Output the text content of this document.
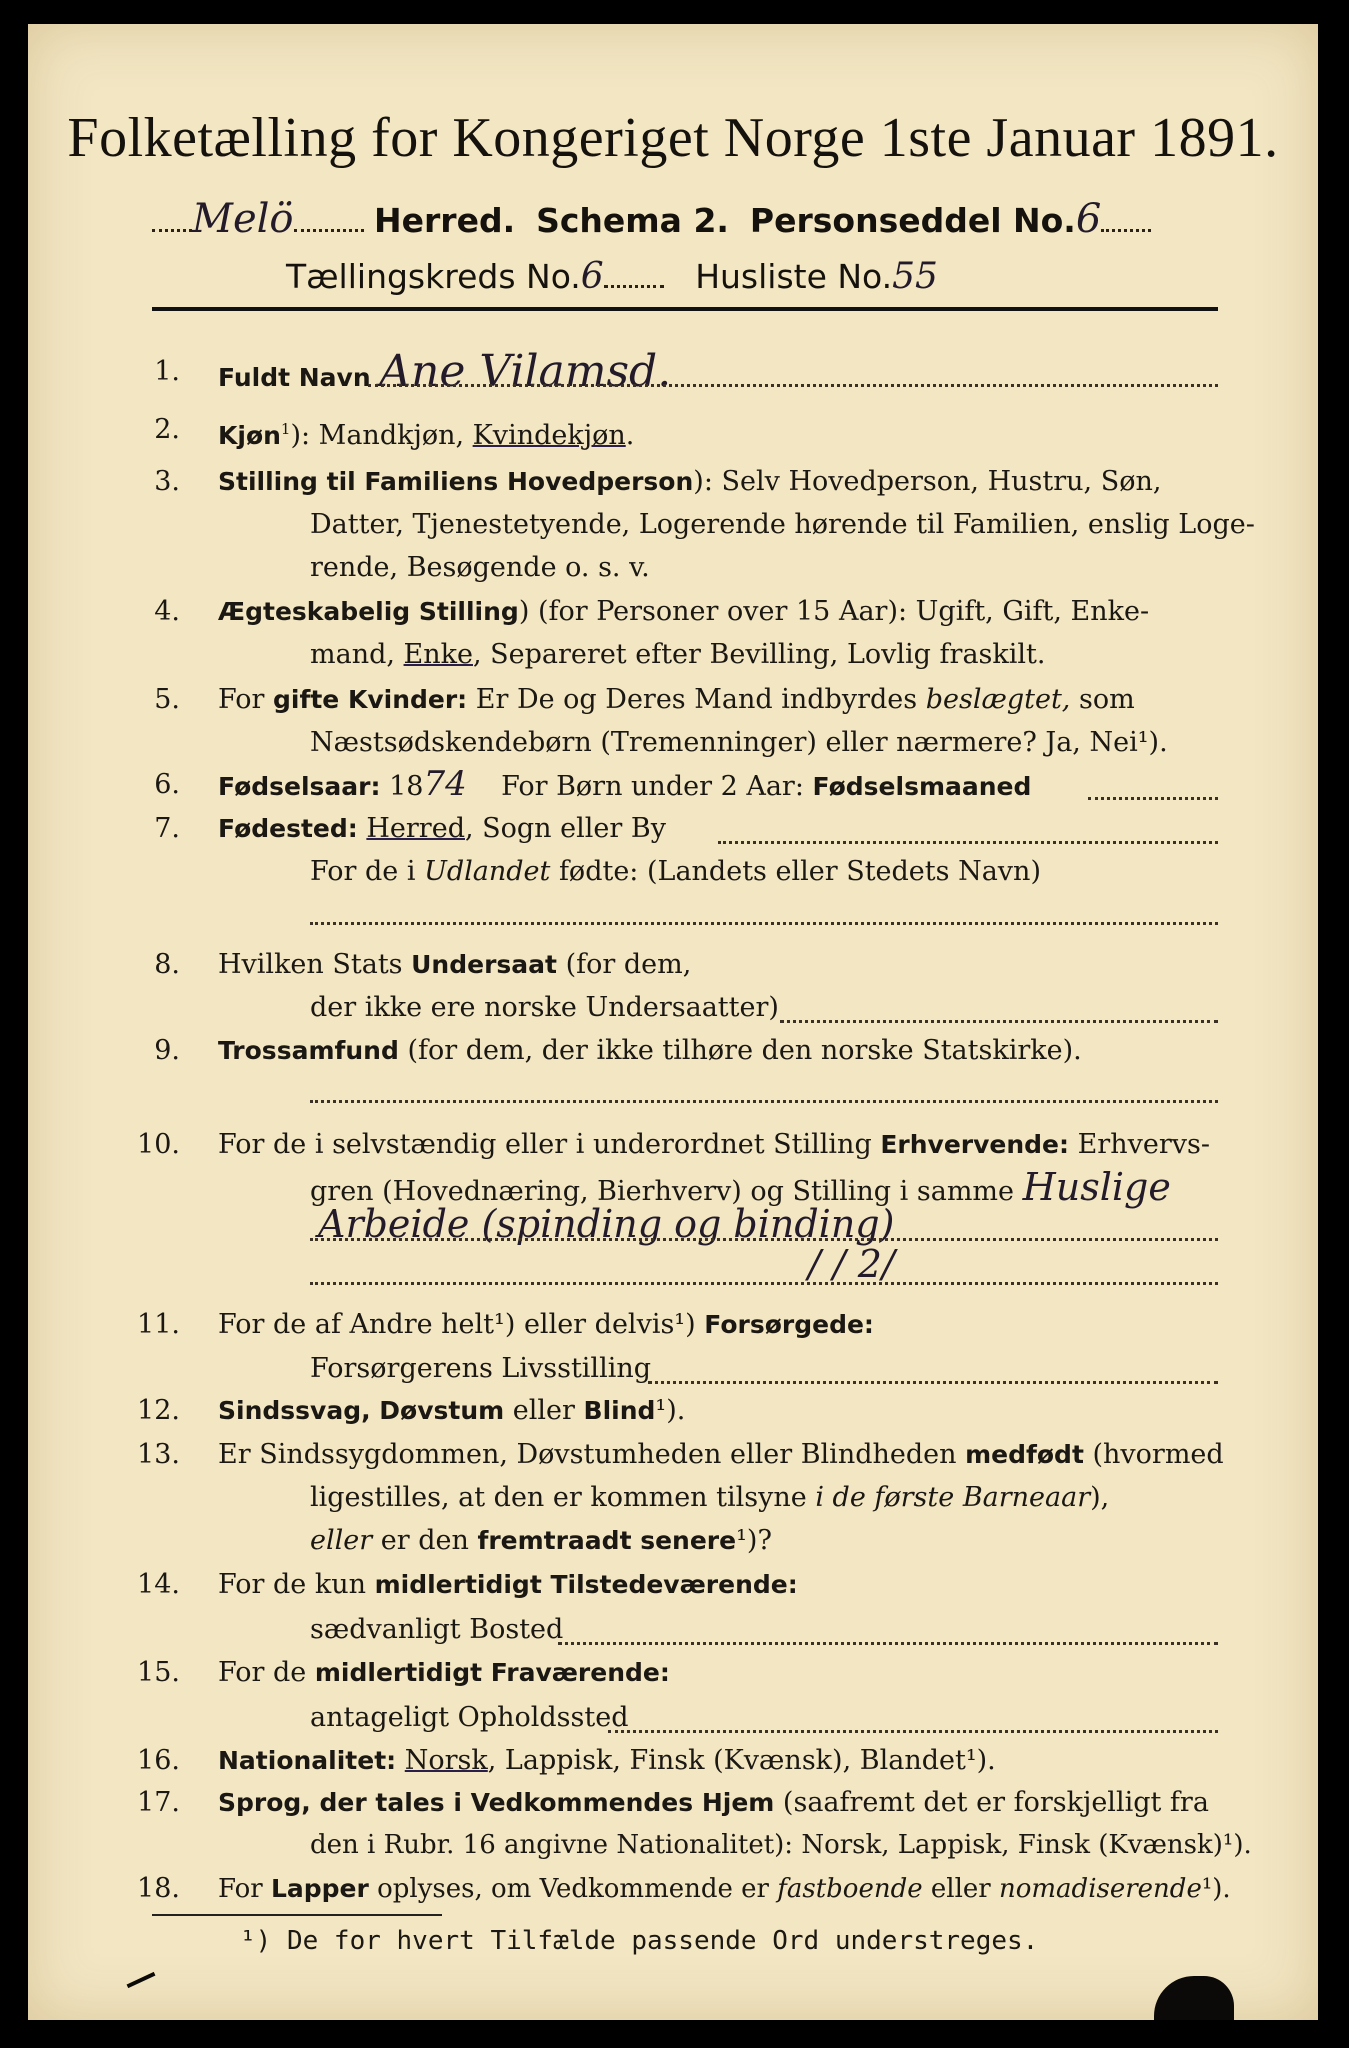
Folketælling for Kongeriget Norge 1ste Januar 1891.
Melö Herred. Schema 2. Personseddel No.6
Tællingskreds No.6	Husliste No.55
1. Fuldt Navn Ane Vilamsd.
2. Kjøn$^1$): Mandkjøn, Kvindekjøn.
3. Stilling til Familiens Hovedperson): Selv Hovedperson, Hustru, Søn,
Datter, Tjenestetyende, Logerende hørende til Familien, enslig Loge-
rende, Besøgende o. s. v.
4. Ægteskabelig Stilling) (for Personer over 15 Aar): Ugift, Gift, Enke-
mand, Enke, Separeret efter Bevilling, Lovlig fraskilt.
5. For gifte Kvinder: Er De og Deres Mand indbyrdes beslægtet, som
Næstsødskendebørn (Tremenninger) eller nærmere? Ja, Nei¹).
6. Fødselsaar: 1874 For Børn under 2 Aar: Fødselsmaaned
7. Fødested: Herred, Sogn eller By
For de i Udlandet fødte: (Landets eller Stedets Navn)
8. Hvilken Stats Undersaat (for dem,
der ikke ere norske Undersaatter)
9. Trossamfund (for dem, der ikke tilhøre den norske Statskirke).
10. For de i selvstændig eller i underordnet Stilling Erhvervende: Erhvervs-
gren (Hovednæring, Bierhverv) og Stilling i samme Huslige
Arbeide (spinding og binding)
/ / 2/
11. For de af Andre helt¹) eller delvis¹) Forsørgede:
Forsørgerens Livsstilling
12. Sindssvag, Døvstum eller Blind¹).
13. Er Sindssygdommen, Døvstumheden eller Blindheden medfødt (hvormed
ligestilles, at den er kommen tilsyne i de første Barneaar),
eller er den fremtraadt senere¹)?
14. For de kun midlertidigt Tilstedeværende:
sædvanligt Bosted
15. For de midlertidigt Fraværende:
antageligt Opholdssted
16. Nationalitet: Norsk, Lappisk, Finsk (Kvænsk), Blandet¹).
17. Sprog, der tales i Vedkommendes Hjem (saafremt det er forskjelligt fra
den i Rubr. 16 angivne Nationalitet): Norsk, Lappisk, Finsk (Kvænsk)¹).
18. For Lapper oplyses, om Vedkommende er fastboende eller nomadiserende¹).
¹) De for hvert Tilfælde passende Ord understreges.
